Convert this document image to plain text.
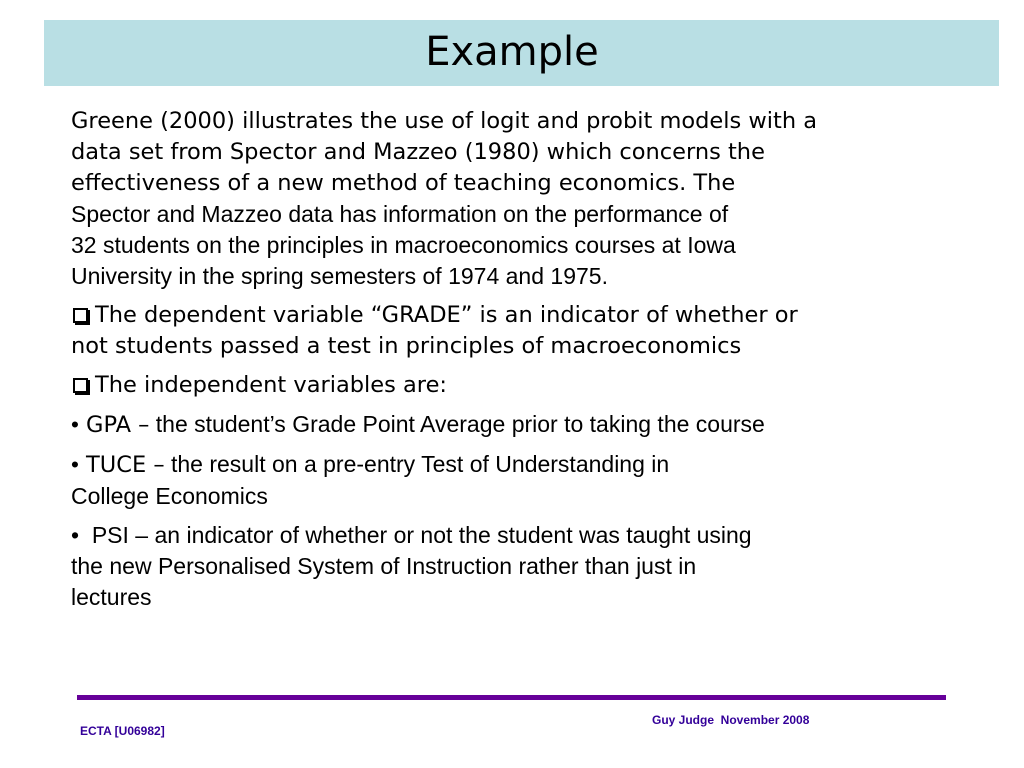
Example
Greene (2000) illustrates the use of logit and probit models with a
data set from Spector and Mazzeo (1980) which concerns the
effectiveness of a new method of teaching economics. The
Spector and Mazzeo data has information on the performance of
32 students on the principles in macroeconomics courses at Iowa
University in the spring semesters of 1974 and 1975.
The dependent variable “GRADE” is an indicator of whether or
not students passed a test in principles of macroeconomics
The independent variables are:
• GPA – the student’s Grade Point Average prior to taking the course
• TUCE – the result on a pre-entry Test of Understanding in
College Economics
•  PSI – an indicator of whether or not the student was taught using
the new Personalised System of Instruction rather than just in
lectures
ECTA [U06982]
Guy Judge  November 2008
